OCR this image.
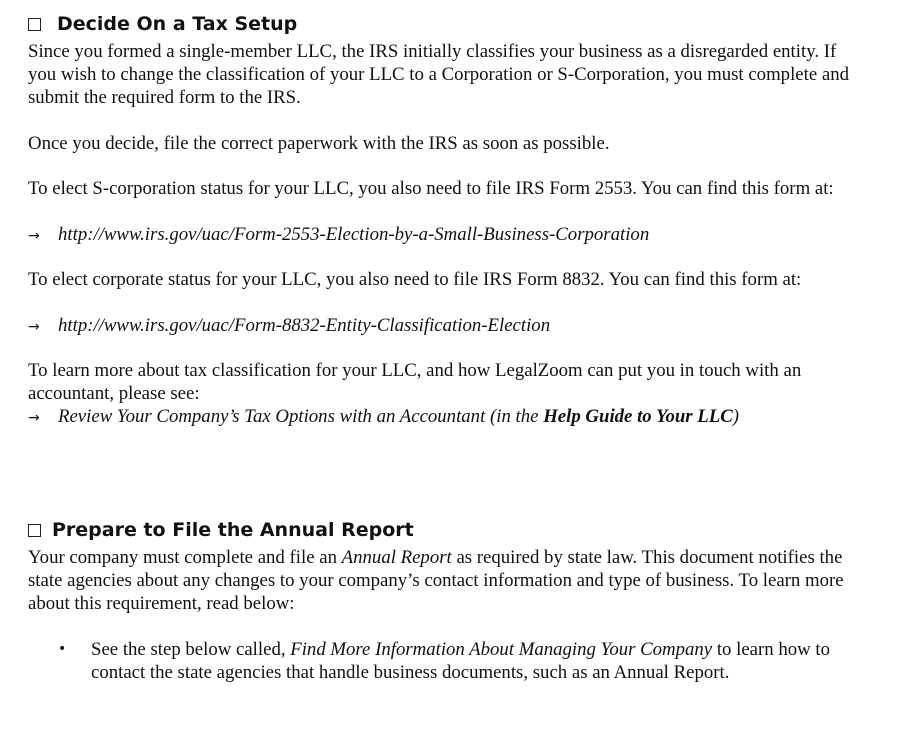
Decide On a Tax Setup

Since you formed a single-member LLC, the IRS initially classifies your business as a disregarded entity. If you wish to change the classification of your LLC to a Corporation or S-Corporation, you must complete and submit the required form to the IRS.

Once you decide, file the correct paperwork with the IRS as soon as possible.

To elect S-corporation status for your LLC, you also need to file IRS Form 2553. You can find this form at:

→ http://www.irs.gov/uac/Form-2553-Election-by-a-Small-Business-Corporation

To elect corporate status for your LLC, you also need to file IRS Form 8832. You can find this form at:

→ http://www.irs.gov/uac/Form-8832-Entity-Classification-Election

To learn more about tax classification for your LLC, and how LegalZoom can put you in touch with an accountant, please see:

→ Review Your Company’s Tax Options with an Accountant (in the Help Guide to Your LLC)
Prepare to File the Annual Report

Your company must complete and file an Annual Report as required by state law. This document notifies the state agencies about any changes to your company’s contact information and type of business. To learn more about this requirement, read below:

• See the step below called, Find More Information About Managing Your Company to learn how to contact the state agencies that handle business documents, such as an Annual Report.
